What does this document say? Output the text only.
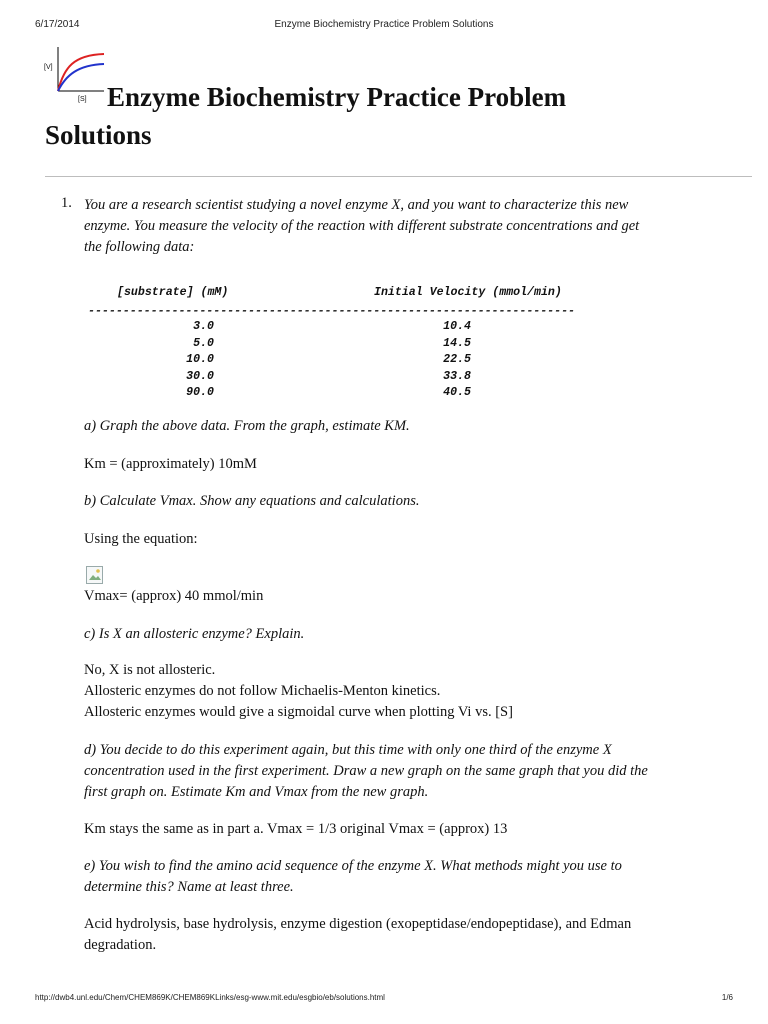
6/17/2014	Enzyme Biochemistry Practice Problem Solutions
[V]
[S] Enzyme Biochemistry Practice Problem
Solutions
1. You are a research scientist studying a novel enzyme X, and you want to characterize this new
enzyme. You measure the velocity of the reaction with different substrate concentrations and get
the following data:

[substrate] (mM)	Initial Velocity (mmol/min)
----------------------------------------------------------------------
3.0	10.4
5.0	14.5
10.0	22.5
30.0	33.8
90.0	40.5

a) Graph the above data. From the graph, estimate KM.

Km = (approximately) 10mM

b) Calculate Vmax. Show any equations and calculations.

Using the equation:

Vmax= (approx) 40 mmol/min

c) Is X an allosteric enzyme? Explain.

No, X is not allosteric.
Allosteric enzymes do not follow Michaelis-Menton kinetics.
Allosteric enzymes would give a sigmoidal curve when plotting Vi vs. [S]

d) You decide to do this experiment again, but this time with only one third of the enzyme X
concentration used in the first experiment. Draw a new graph on the same graph that you did the
first graph on. Estimate Km and Vmax from the new graph.

Km stays the same as in part a. Vmax = 1/3 original Vmax = (approx) 13

e) You wish to find the amino acid sequence of the enzyme X. What methods might you use to
determine this? Name at least three.

Acid hydrolysis, base hydrolysis, enzyme digestion (exopeptidase/endopeptidase), and Edman
degradation.

http://dwb4.unl.edu/Chem/CHEM869K/CHEM869KLinks/esg-www.mit.edu/esgbio/eb/solutions.html	1/6
